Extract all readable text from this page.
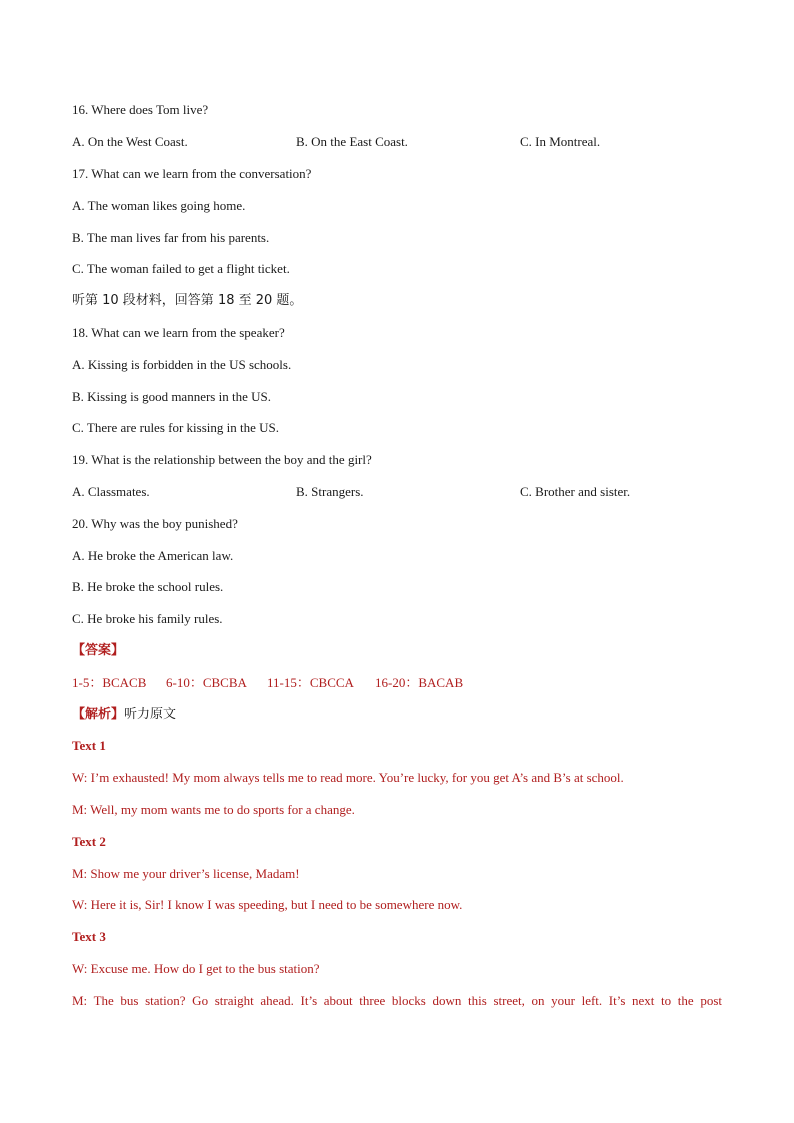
16. Where does Tom live?
A. On the West Coast.	B. On the East Coast.	C. In Montreal.
17. What can we learn from the conversation?
A. The woman likes going home.
B. The man lives far from his parents.
C. The woman failed to get a flight ticket.
听第 10 段材料，回答第 18 至 20 题。
18. What can we learn from the speaker?
A. Kissing is forbidden in the US schools.
B. Kissing is good manners in the US.
C. There are rules for kissing in the US.
19. What is the relationship between the boy and the girl?
A. Classmates.	B. Strangers.	C. Brother and sister.
20. Why was the boy punished?
A. He broke the American law.
B. He broke the school rules.
C. He broke his family rules.
【答案】
1-5：BCACB 6-10：CBCBA 11-15：CBCCA 16-20：BACAB
【解析】听力原文
Text 1
W: I’m exhausted! My mom always tells me to read more. You’re lucky, for you get A’s and B’s at school.
M: Well, my mom wants me to do sports for a change.
Text 2
M: Show me your driver’s license, Madam!
W: Here it is, Sir! I know I was speeding, but I need to be somewhere now.
Text 3
W: Excuse me. How do I get to the bus station?
M: The bus station? Go straight ahead. It’s about three blocks down this street, on your left. It’s next to the post
